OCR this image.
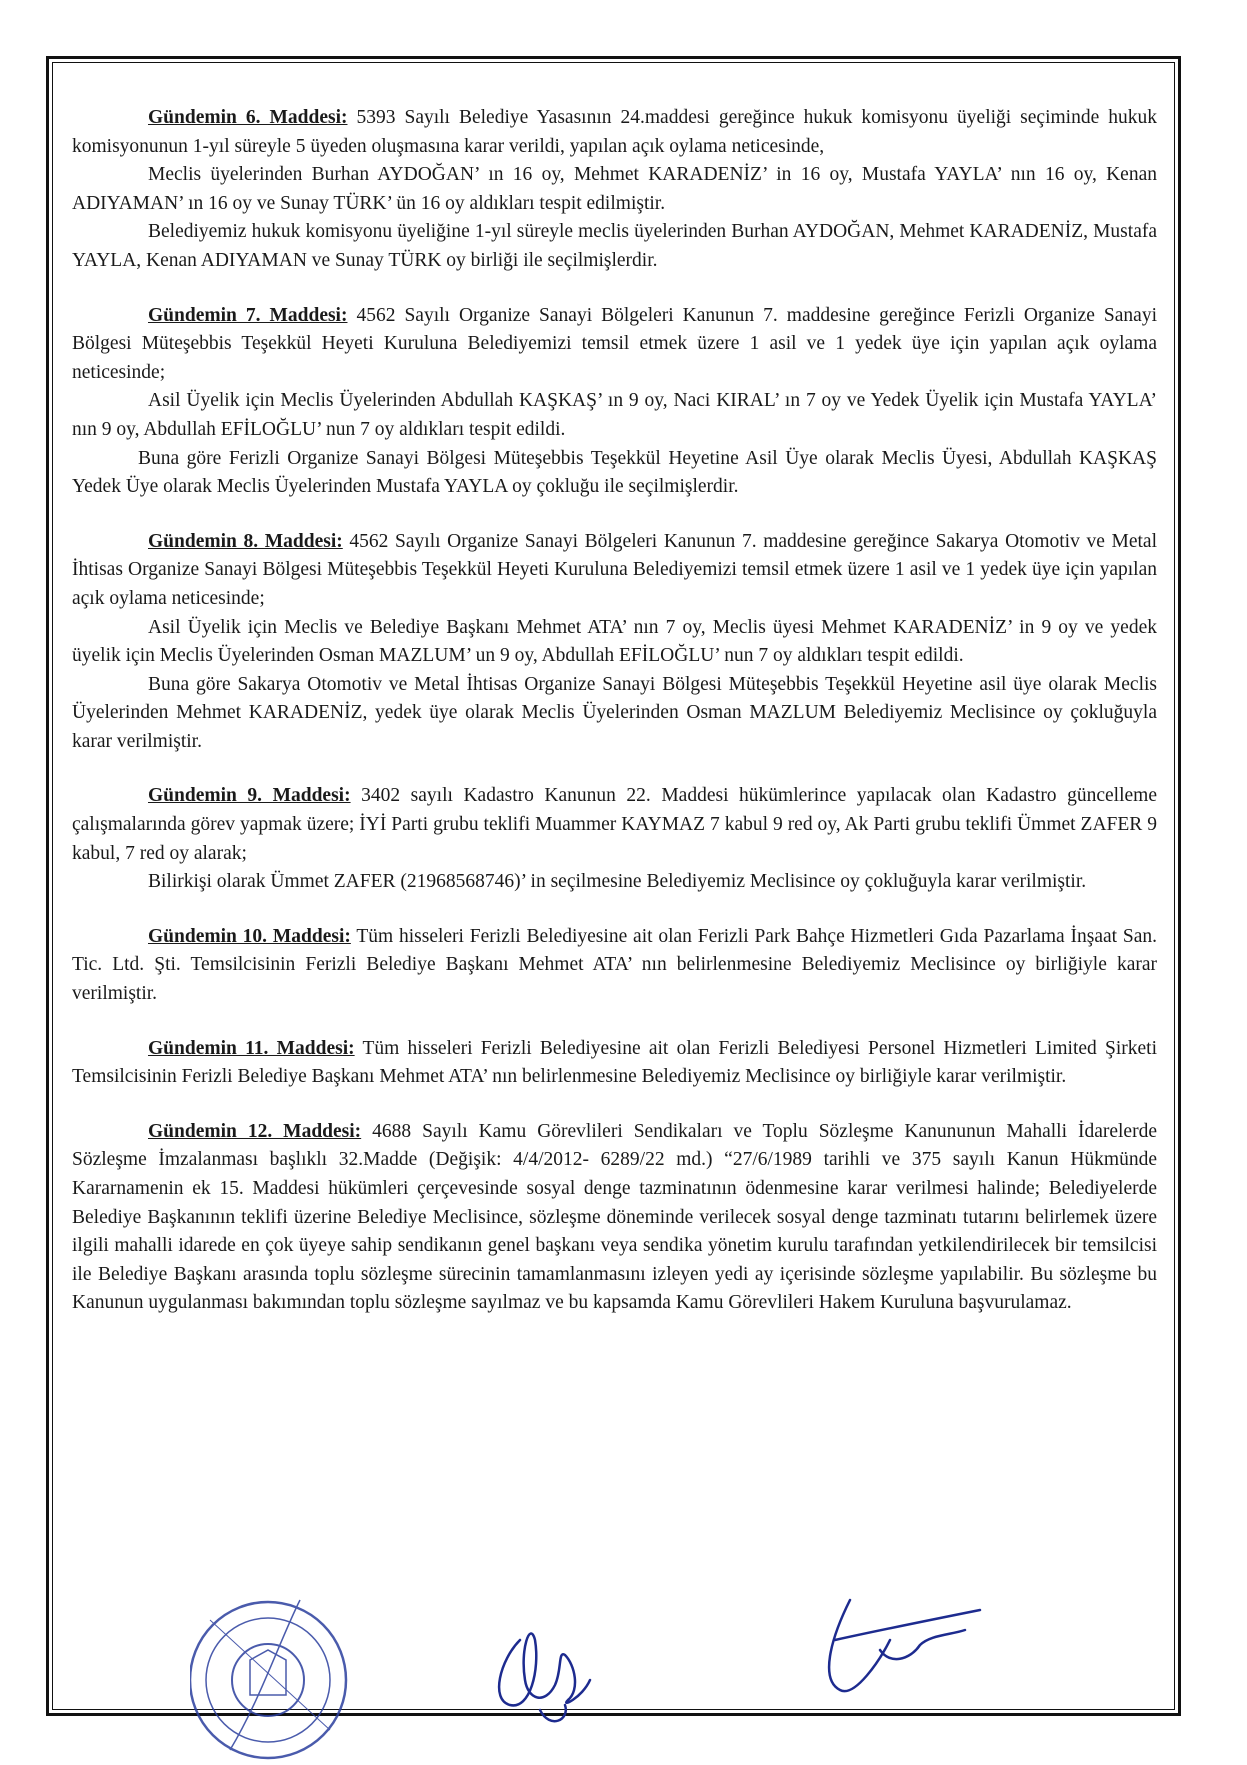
Gündemin 6. Maddesi: 5393 Sayılı Belediye Yasasının 24.maddesi gereğince hukuk komisyonu üyeliği seçiminde hukuk komisyonunun 1-yıl süreyle 5 üyeden oluşmasına karar verildi, yapılan açık oylama neticesinde,

Meclis üyelerinden Burhan AYDOĞAN’ ın 16 oy, Mehmet KARADENİZ’ in 16 oy, Mustafa YAYLA’ nın 16 oy, Kenan ADIYAMAN’ ın 16 oy ve Sunay TÜRK’ ün 16 oy aldıkları tespit edilmiştir.

Belediyemiz hukuk komisyonu üyeliğine 1-yıl süreyle meclis üyelerinden Burhan AYDOĞAN, Mehmet KARADENİZ, Mustafa YAYLA, Kenan ADIYAMAN ve Sunay TÜRK oy birliği ile seçilmişlerdir.

Gündemin 7. Maddesi: 4562 Sayılı Organize Sanayi Bölgeleri Kanunun 7. maddesine gereğince Ferizli Organize Sanayi Bölgesi Müteşebbis Teşekkül Heyeti Kuruluna Belediyemizi temsil etmek üzere 1 asil ve 1 yedek üye için yapılan açık oylama neticesinde;

Asil Üyelik için Meclis Üyelerinden Abdullah KAŞKAŞ’ ın 9 oy, Naci KIRAL’ ın 7 oy ve Yedek Üyelik için Mustafa YAYLA’ nın 9 oy, Abdullah EFİLOĞLU’ nun 7 oy aldıkları tespit edildi.

Buna göre Ferizli Organize Sanayi Bölgesi Müteşebbis Teşekkül Heyetine Asil Üye olarak Meclis Üyesi, Abdullah KAŞKAŞ Yedek Üye olarak Meclis Üyelerinden Mustafa YAYLA oy çokluğu ile seçilmişlerdir.

Gündemin 8. Maddesi: 4562 Sayılı Organize Sanayi Bölgeleri Kanunun 7. maddesine gereğince Sakarya Otomotiv ve Metal İhtisas Organize Sanayi Bölgesi Müteşebbis Teşekkül Heyeti Kuruluna Belediyemizi temsil etmek üzere 1 asil ve 1 yedek üye için yapılan açık oylama neticesinde;

Asil Üyelik için Meclis ve Belediye Başkanı Mehmet ATA’ nın 7 oy, Meclis üyesi Mehmet KARADENİZ’ in 9 oy ve yedek üyelik için Meclis Üyelerinden Osman MAZLUM’ un 9 oy, Abdullah EFİLOĞLU’ nun 7 oy aldıkları tespit edildi.

Buna göre Sakarya Otomotiv ve Metal İhtisas Organize Sanayi Bölgesi Müteşebbis Teşekkül Heyetine asil üye olarak Meclis Üyelerinden Mehmet KARADENİZ, yedek üye olarak Meclis Üyelerinden Osman MAZLUM Belediyemiz Meclisince oy çokluğuyla karar verilmiştir.

Gündemin 9. Maddesi: 3402 sayılı Kadastro Kanunun 22. Maddesi hükümlerince yapılacak olan Kadastro güncelleme çalışmalarında görev yapmak üzere; İYİ Parti grubu teklifi Muammer KAYMAZ 7 kabul 9 red oy, Ak Parti grubu teklifi Ümmet ZAFER 9 kabul, 7 red oy alarak;

Bilirkişi olarak Ümmet ZAFER (21968568746)’ in seçilmesine Belediyemiz Meclisince oy çokluğuyla karar verilmiştir.

Gündemin 10. Maddesi: Tüm hisseleri Ferizli Belediyesine ait olan Ferizli Park Bahçe Hizmetleri Gıda Pazarlama İnşaat San. Tic. Ltd. Şti. Temsilcisinin Ferizli Belediye Başkanı Mehmet ATA’ nın belirlenmesine Belediyemiz Meclisince oy birliğiyle karar verilmiştir.

Gündemin 11. Maddesi: Tüm hisseleri Ferizli Belediyesine ait olan Ferizli Belediyesi Personel Hizmetleri Limited Şirketi Temsilcisinin Ferizli Belediye Başkanı Mehmet ATA’ nın belirlenmesine Belediyemiz Meclisince oy birliğiyle karar verilmiştir.

Gündemin 12. Maddesi: 4688 Sayılı Kamu Görevlileri Sendikaları ve Toplu Sözleşme Kanununun Mahalli İdarelerde Sözleşme İmzalanması başlıklı 32.Madde (Değişik: 4/4/2012- 6289/22 md.) “27/6/1989 tarihli ve 375 sayılı Kanun Hükmünde Kararnamenin ek 15. Maddesi hükümleri çerçevesinde sosyal denge tazminatının ödenmesine karar verilmesi halinde; Belediyelerde Belediye Başkanının teklifi üzerine Belediye Meclisince, sözleşme döneminde verilecek sosyal denge tazminatı tutarını belirlemek üzere ilgili mahalli idarede en çok üyeye sahip sendikanın genel başkanı veya sendika yönetim kurulu tarafından yetkilendirilecek bir temsilcisi ile Belediye Başkanı arasında toplu sözleşme sürecinin tamamlanmasını izleyen yedi ay içerisinde sözleşme yapılabilir. Bu sözleşme bu Kanunun uygulanması bakımından toplu sözleşme sayılmaz ve bu kapsamda Kamu Görevlileri Hakem Kuruluna başvurulamaz.
